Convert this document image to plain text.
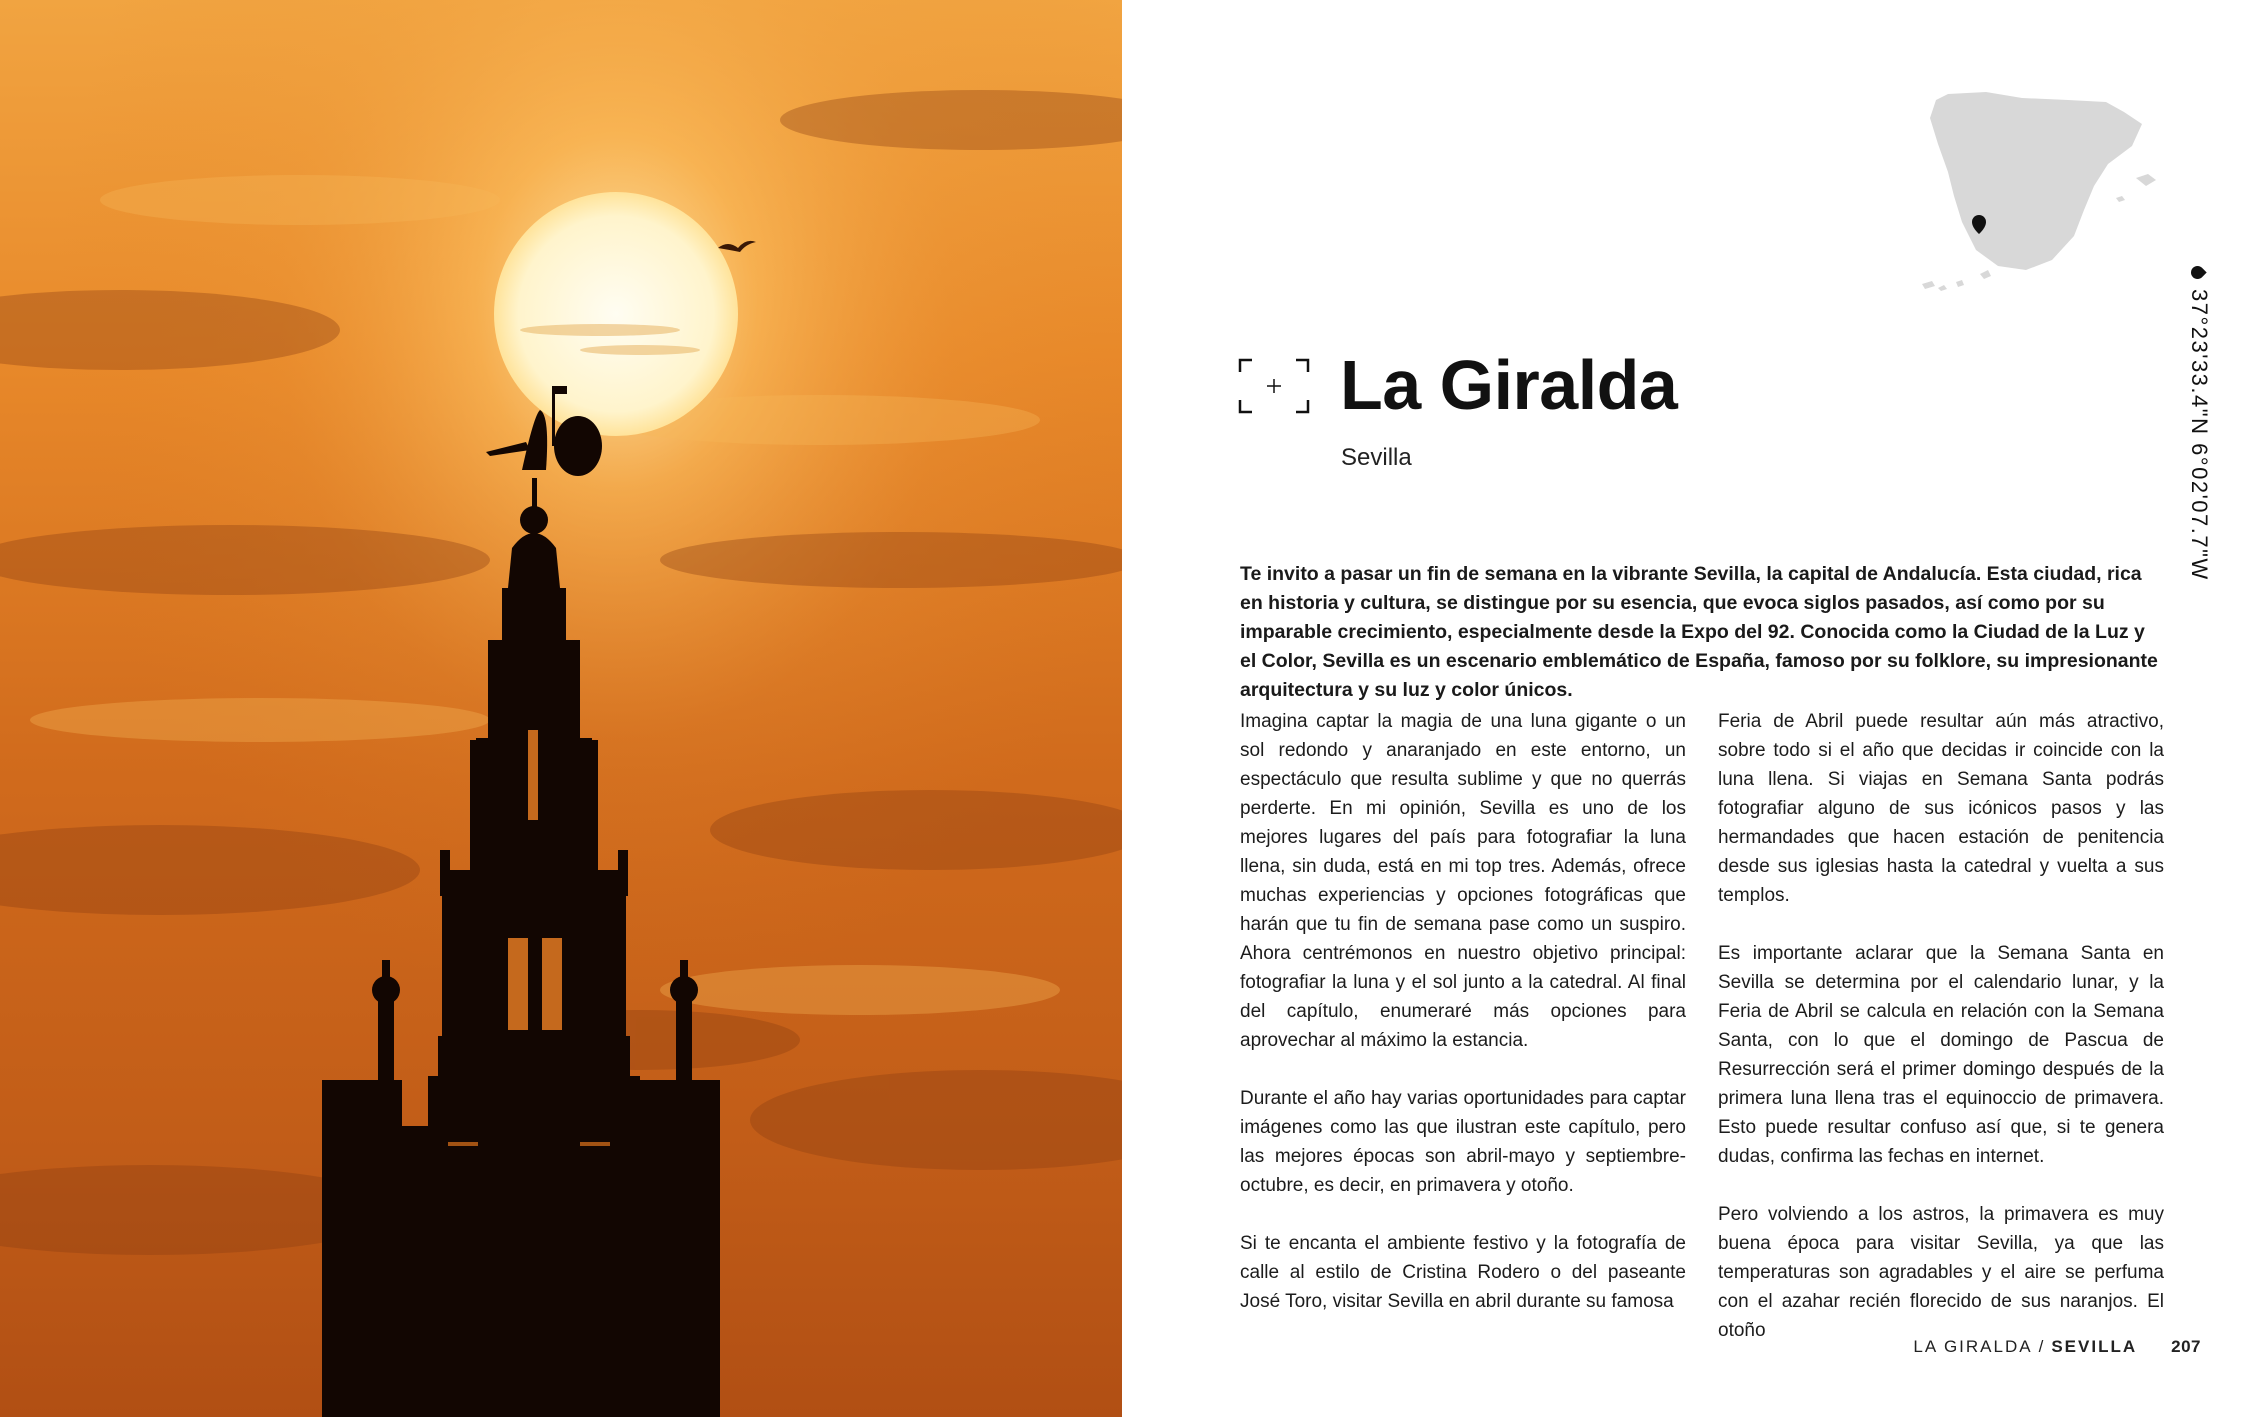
37°23'33.4"N 6°02'07.7"W
La Giralda
Sevilla

Te invito a pasar un fin de semana en la vibrante Sevilla, la capital de Andalucía. Esta ciudad, rica en historia y cultura, se distingue por su esencia, que evoca siglos pasados, así como por su imparable crecimiento, especialmente desde la Expo del 92. Conocida como la Ciudad de la Luz y el Color, Sevilla es un escenario emblemático de España, famoso por su folklore, su impresionante arquitectura y su luz y color únicos.

Imagina captar la magia de una luna gigante o un sol redondo y anaranjado en este entorno, un espectáculo que resulta sublime y que no querrás perderte. En mi opinión, Sevilla es uno de los mejores lugares del país para fotografiar la luna llena, sin duda, está en mi top tres. Además, ofrece muchas experiencias y opciones fotográficas que harán que tu fin de semana pase como un suspiro. Ahora centrémonos en nuestro objetivo principal: fotografiar la luna y el sol junto a la catedral. Al final del capítulo, enumeraré más opciones para aprovechar al máximo la estancia.

Durante el año hay varias oportunidades para captar imágenes como las que ilustran este capítulo, pero las mejores épocas son abril-mayo y septiembre-octubre, es decir, en primavera y otoño.

Si te encanta el ambiente festivo y la fotografía de calle al estilo de Cristina Rodero o del paseante José Toro, visitar Sevilla en abril durante su famosa

Feria de Abril puede resultar aún más atractivo, sobre todo si el año que decidas ir coincide con la luna llena. Si viajas en Semana Santa podrás fotografiar alguno de sus icónicos pasos y las hermandades que hacen estación de penitencia desde sus iglesias hasta la catedral y vuelta a sus templos.

Es importante aclarar que la Semana Santa en Sevilla se determina por el calendario lunar, y la Feria de Abril se calcula en relación con la Semana Santa, con lo que el domingo de Pascua de Resurrección será el primer domingo después de la primera luna llena tras el equinoccio de primavera. Esto puede resultar confuso así que, si te genera dudas, confirma las fechas en internet.

Pero volviendo a los astros, la primavera es muy buena época para visitar Sevilla, ya que las temperaturas son agradables y el aire se perfuma con el azahar recién florecido de sus naranjos. El otoño

LA GIRALDA / SEVILLA 207
